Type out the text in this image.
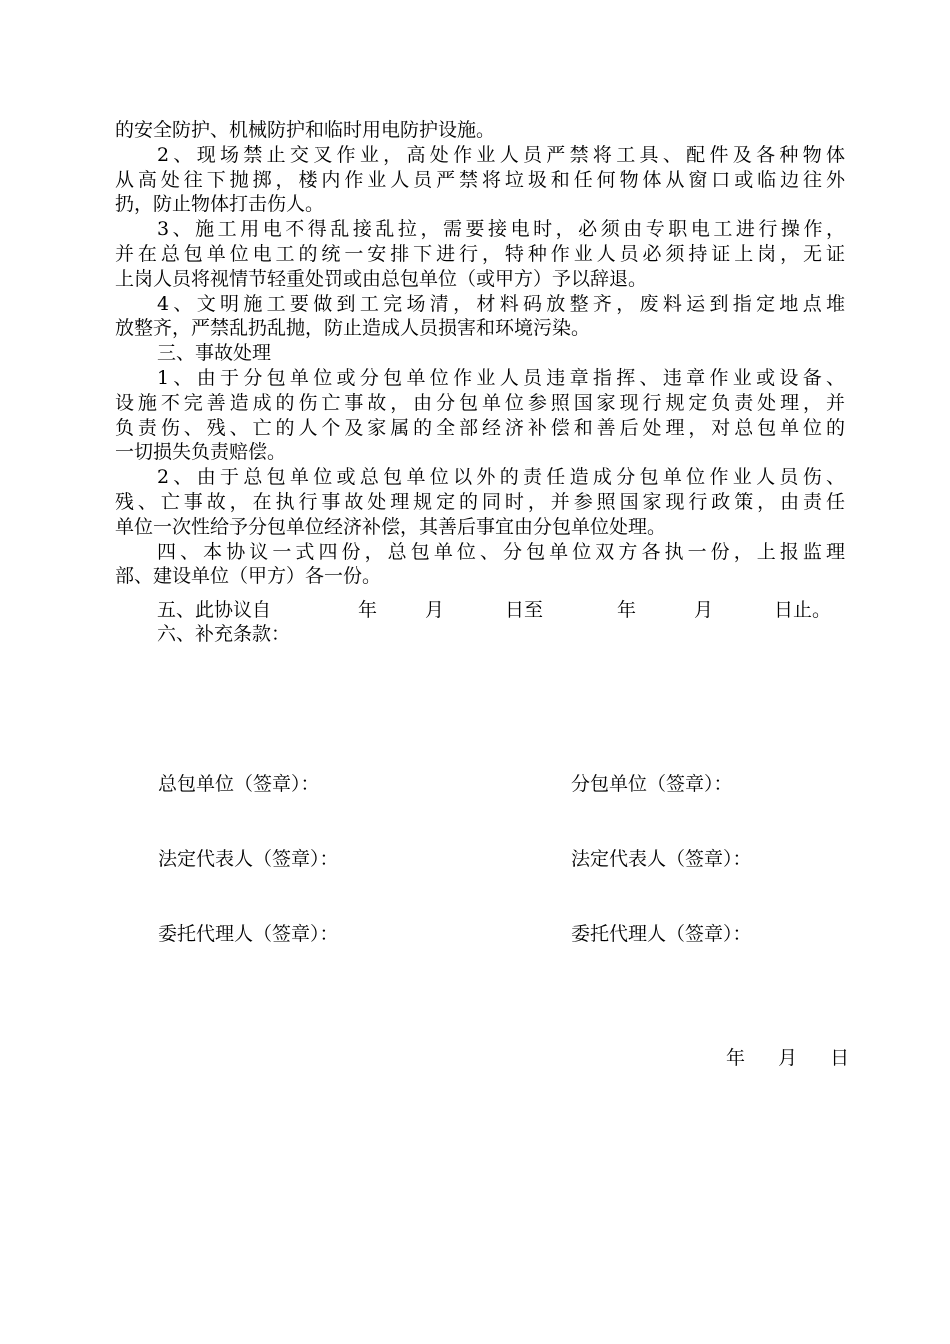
的安全防护、机械防护和临时用电防护设施。
2、现场禁止交叉作业，高处作业人员严禁将工具、配件及各种物体
从高处往下抛掷，楼内作业人员严禁将垃圾和任何物体从窗口或临边往外
扔，防止物体打击伤人。
3、施工用电不得乱接乱拉，需要接电时，必须由专职电工进行操作，
并在总包单位电工的统一安排下进行，特种作业人员必须持证上岗，无证
上岗人员将视情节轻重处罚或由总包单位（或甲方）予以辞退。
4、文明施工要做到工完场清，材料码放整齐，废料运到指定地点堆
放整齐，严禁乱扔乱抛，防止造成人员损害和环境污染。
三、事故处理
1、由于分包单位或分包单位作业人员违章指挥、违章作业或设备、
设施不完善造成的伤亡事故，由分包单位参照国家现行规定负责处理，并
负责伤、残、亡的人个及家属的全部经济补偿和善后处理，对总包单位的
一切损失负责赔偿。
2、由于总包单位或总包单位以外的责任造成分包单位作业人员伤、
残、亡事故，在执行事故处理规定的同时，并参照国家现行政策，由责任
单位一次性给予分包单位经济补偿，其善后事宜由分包单位处理。
四、本协议一式四份，总包单位、分包单位双方各执一份，上报监理
部、建设单位（甲方）各一份。
五、此协议自	年	月	日至	年	月	日止。
六、补充条款：
总包单位（签章）：	分包单位（签章）：
法定代表人（签章）：	法定代表人（签章）：
委托代理人（签章）：	委托代理人（签章）：
年 月 日
